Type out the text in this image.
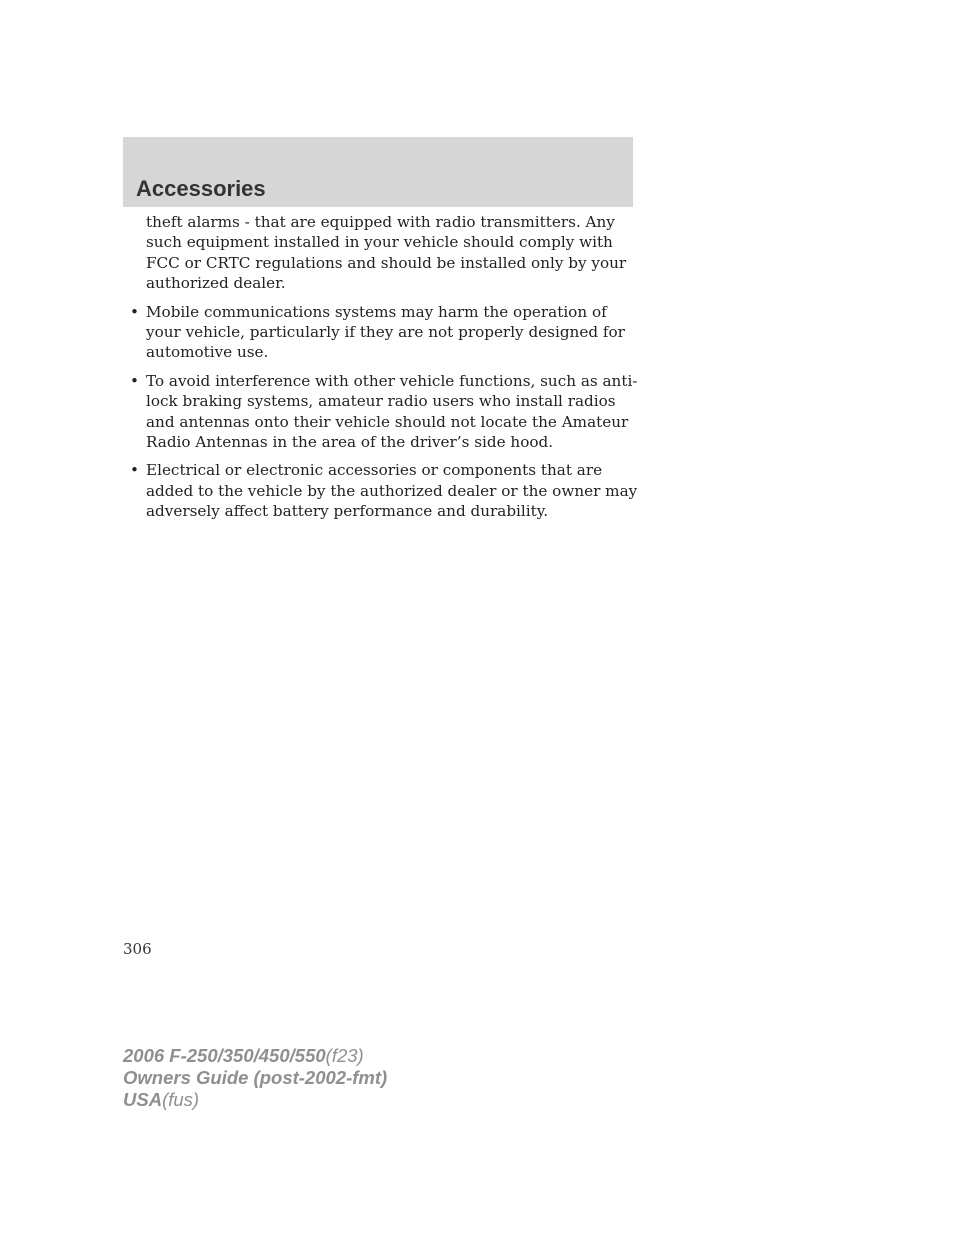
Accessories

theft alarms - that are equipped with radio transmitters. Any such equipment installed in your vehicle should comply with FCC or CRTC regulations and should be installed only by your authorized dealer.

• Mobile communications systems may harm the operation of your vehicle, particularly if they are not properly designed for automotive use.
• To avoid interference with other vehicle functions, such as anti-lock braking systems, amateur radio users who install radios and antennas onto their vehicle should not locate the Amateur Radio Antennas in the area of the driver’s side hood.
• Electrical or electronic accessories or components that are added to the vehicle by the authorized dealer or the owner may adversely affect battery performance and durability.
306
2006 F-250/350/450/550(f23)
Owners Guide (post-2002-fmt)
USA(fus)
